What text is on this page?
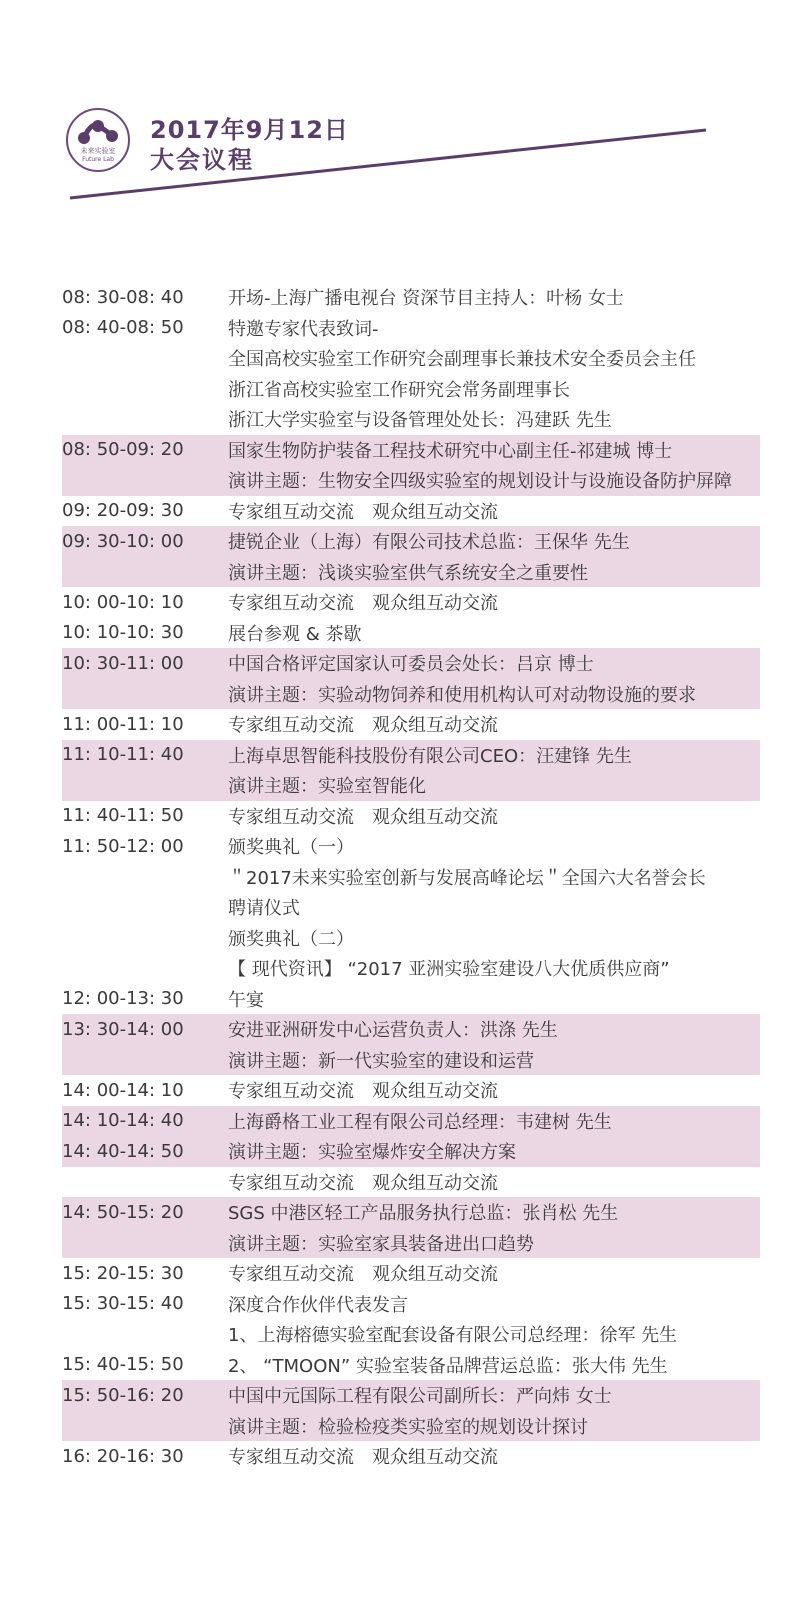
未来实验室
Future Lab
2017年9月12日
大会议程
08: 30-08: 40	开场-上海广播电视台 资深节目主持人：叶杨 女士
08: 40-08: 50	特邀专家代表致词-
全国高校实验室工作研究会副理事长兼技术安全委员会主任
浙江省高校实验室工作研究会常务副理事长
浙江大学实验室与设备管理处处长：冯建跃 先生
08: 50-09: 20	国家生物防护装备工程技术研究中心副主任-祁建城 博士
演讲主题：生物安全四级实验室的规划设计与设施设备防护屏障
09: 20-09: 30	专家组互动交流　观众组互动交流
09: 30-10: 00	捷锐企业（上海）有限公司技术总监：王保华 先生
演讲主题：浅谈实验室供气系统安全之重要性
10: 00-10: 10	专家组互动交流　观众组互动交流
10: 10-10: 30	展台参观 & 茶歇
10: 30-11: 00	中国合格评定国家认可委员会处长：吕京 博士
演讲主题：实验动物饲养和使用机构认可对动物设施的要求
11: 00-11: 10	专家组互动交流　观众组互动交流
11: 10-11: 40	上海卓思智能科技股份有限公司CEO：汪建锋 先生
演讲主题：实验室智能化
11: 40-11: 50	专家组互动交流　观众组互动交流
11: 50-12: 00	颁奖典礼（一）
＂2017未来实验室创新与发展高峰论坛＂全国六大名誉会长
聘请仪式
颁奖典礼（二）
【 现代资讯】 “2017 亚洲实验室建设八大优质供应商”
12: 00-13: 30	午宴
13: 30-14: 00	安进亚洲研发中心运营负责人：洪涤 先生
演讲主题：新一代实验室的建设和运营
14: 00-14: 10	专家组互动交流　观众组互动交流
14: 10-14: 40	上海爵格工业工程有限公司总经理：韦建树 先生
14: 40-14: 50	演讲主题：实验室爆炸安全解决方案
专家组互动交流　观众组互动交流
14: 50-15: 20	SGS 中港区轻工产品服务执行总监：张肖松 先生
演讲主题：实验室家具装备进出口趋势
15: 20-15: 30	专家组互动交流　观众组互动交流
15: 30-15: 40	深度合作伙伴代表发言
1、上海榕德实验室配套设备有限公司总经理：徐军 先生
15: 40-15: 50	2、 “TMOON” 实验室装备品牌营运总监：张大伟 先生
15: 50-16: 20	中国中元国际工程有限公司副所长：严向炜 女士
演讲主题：检验检疫类实验室的规划设计探讨
16: 20-16: 30	专家组互动交流　观众组互动交流
